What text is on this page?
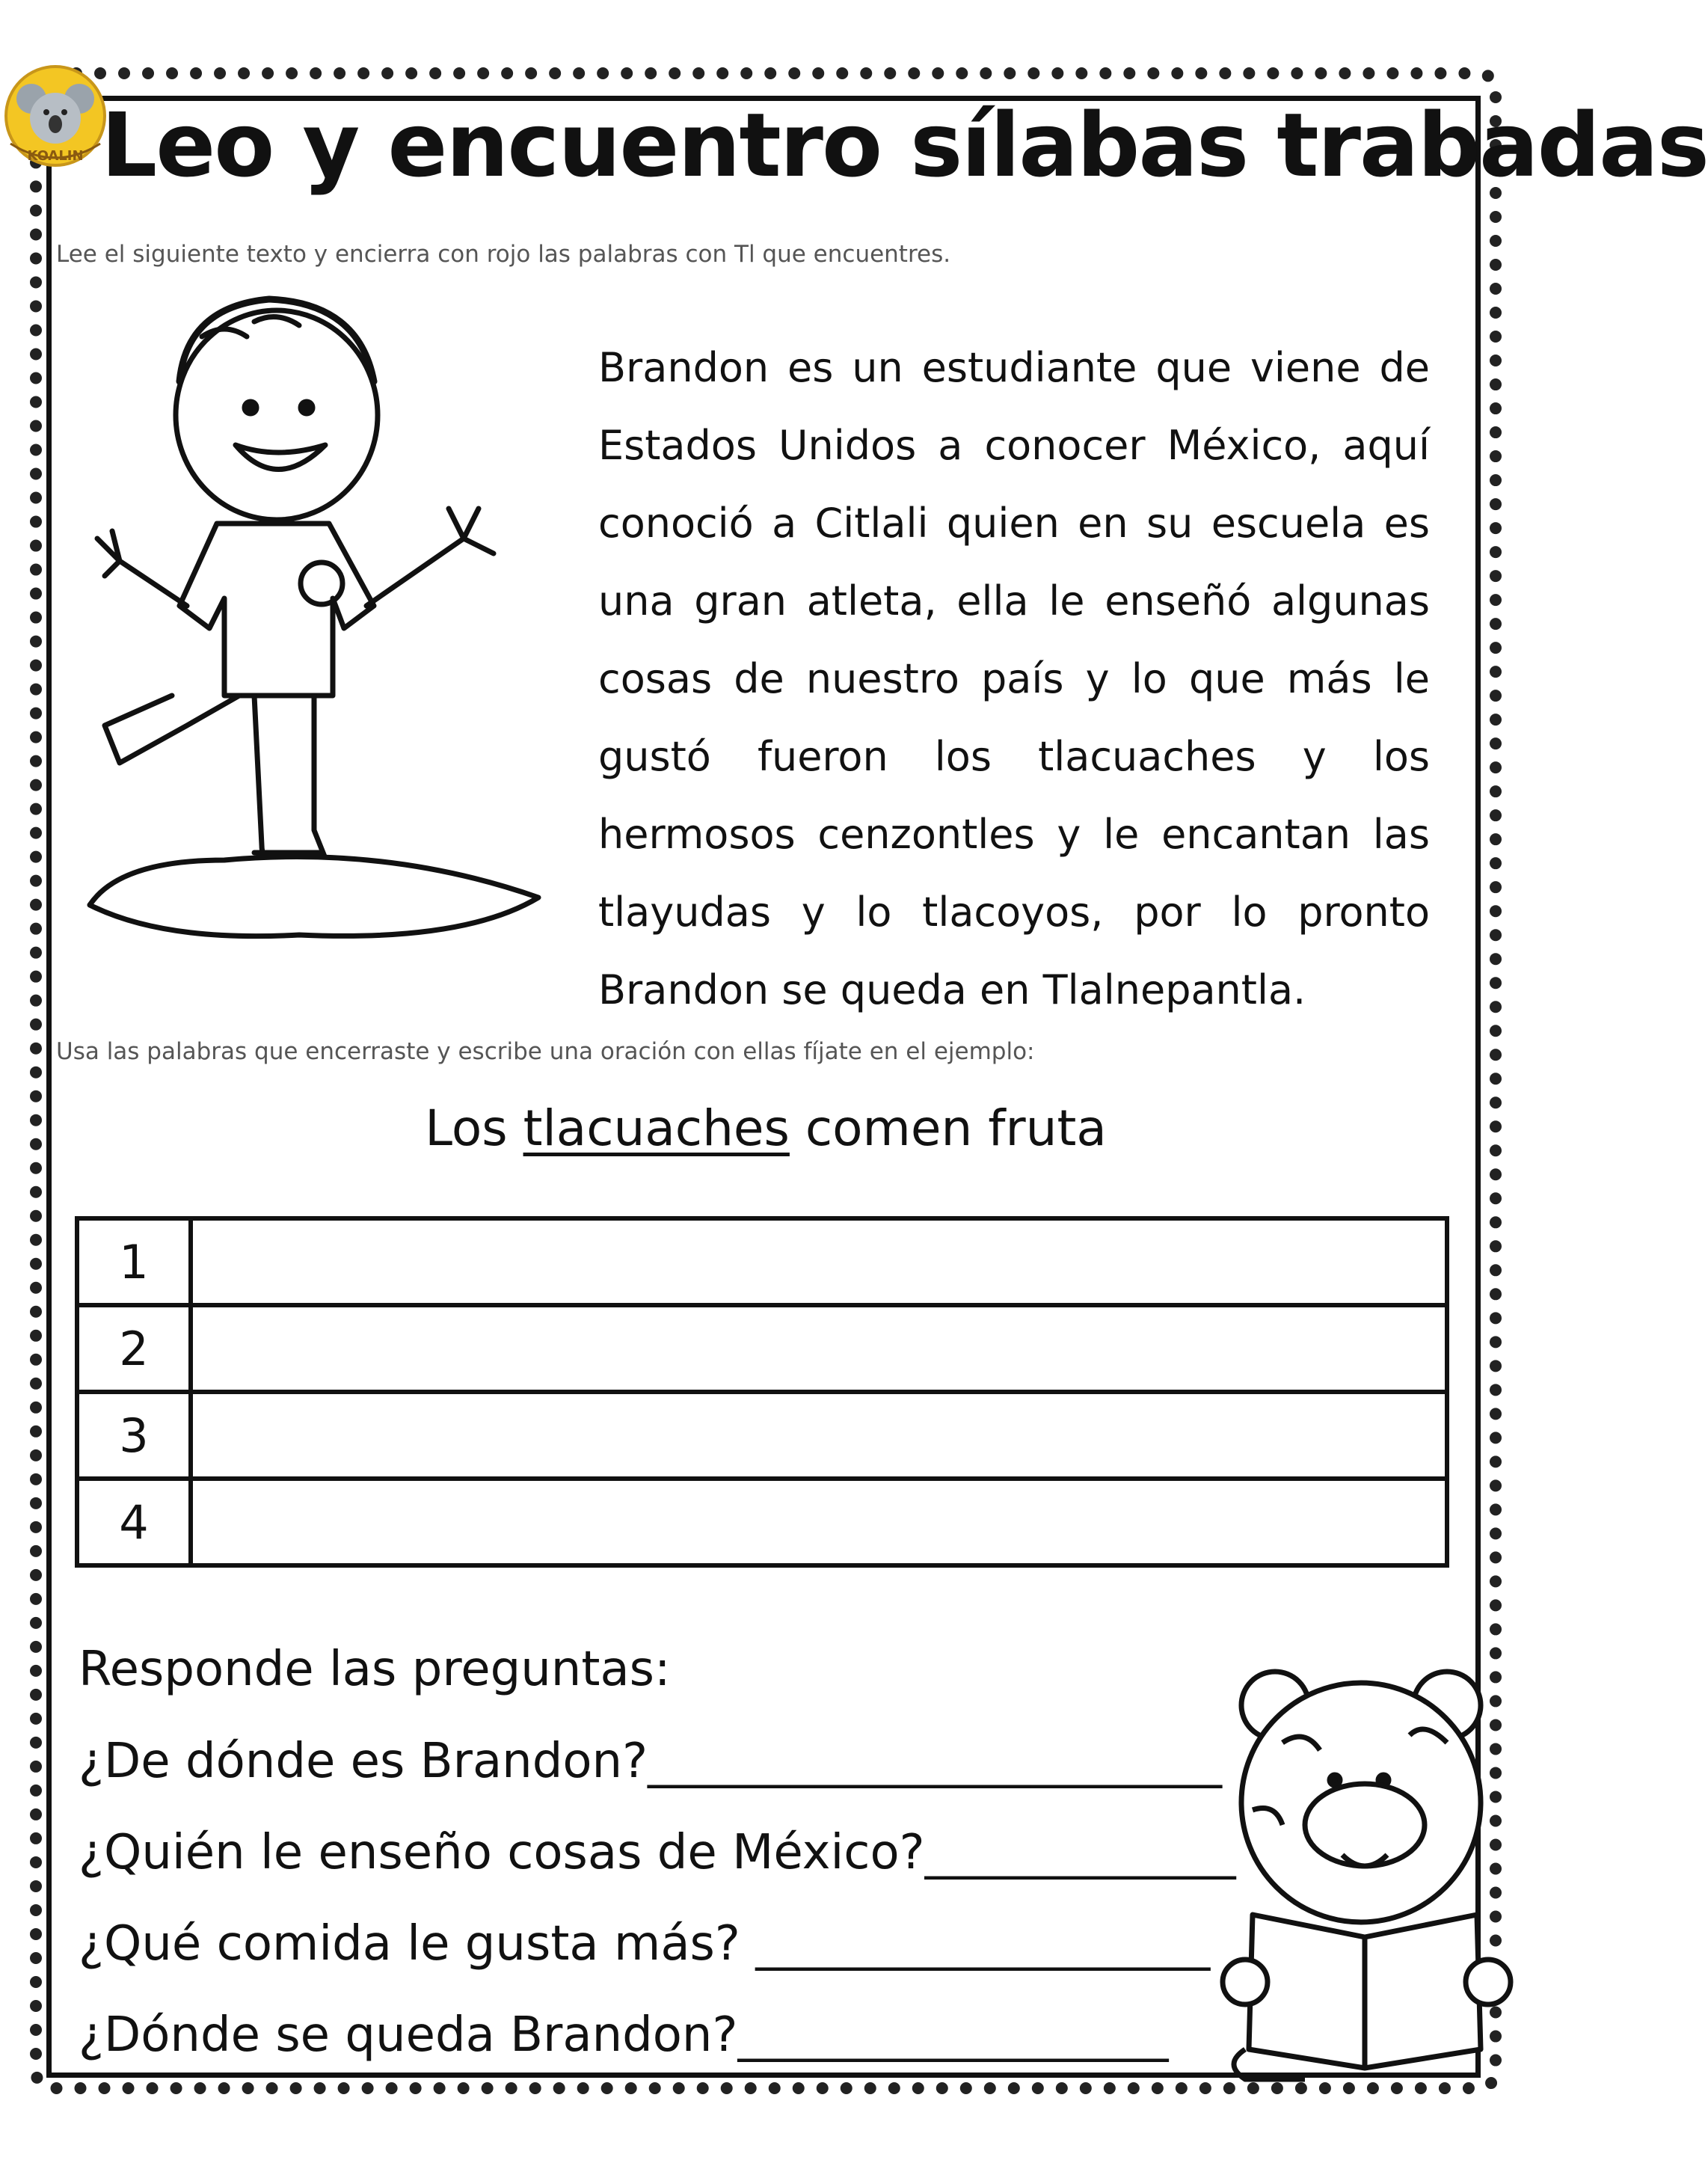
KOALIN Leo y encuentro sílabas trabadas
Lee el siguiente texto y encierra con rojo las palabras con Tl que encuentres.
Brandon es un estudiante que viene de Estados Unidos a conocer México, aquí conoció a Citlali quien en su escuela es una gran atleta, ella le enseñó algunas cosas de nuestro país y lo que más le gustó fueron los tlacuaches y los hermosos cenzontles y le encantan las tlayudas y lo tlacoyos, por lo pronto Brandon se queda en Tlalnepantla.
Usa las palabras que encerraste y escribe una oración con ellas fíjate en el ejemplo:
Los tlacuaches comen fruta
1	
2	
3	
4	
Responde las preguntas:
¿De dónde es Brandon?________________________
¿Quién le enseño cosas de México?_____________
¿Qué comida le gusta más? ___________________
¿Dónde se queda Brandon?__________________
